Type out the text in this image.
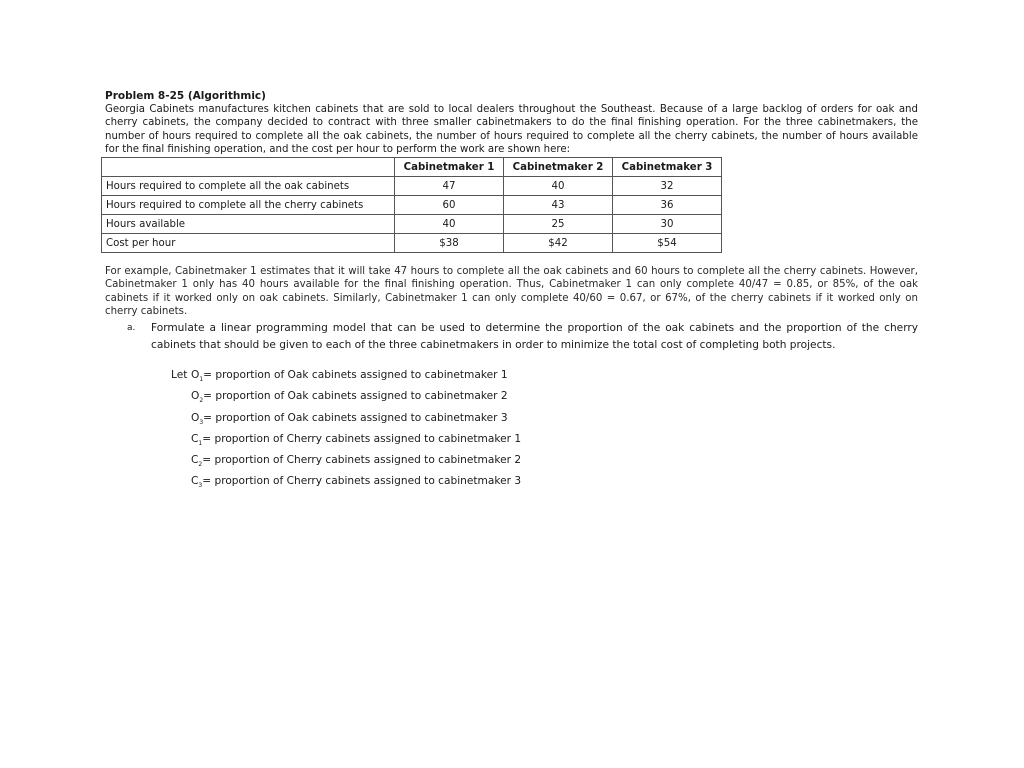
Problem 8-25 (Algorithmic)

Georgia Cabinets manufactures kitchen cabinets that are sold to local dealers throughout the Southeast. Because of a large backlog of orders for oak and cherry cabinets, the company decided to contract with three smaller cabinetmakers to do the final finishing operation. For the three cabinetmakers, the number of hours required to complete all the oak cabinets, the number of hours required to complete all the cherry cabinets, the number of hours available for the final finishing operation, and the cost per hour to perform the work are shown here:

	Cabinetmaker 1	Cabinetmaker 2	Cabinetmaker 3
Hours required to complete all the oak cabinets	47	40	32
Hours required to complete all the cherry cabinets	60	43	36
Hours available	40	25	30
Cost per hour	$38	$42	$54

For example, Cabinetmaker 1 estimates that it will take 47 hours to complete all the oak cabinets and 60 hours to complete all the cherry cabinets. However, Cabinetmaker 1 only has 40 hours available for the final finishing operation. Thus, Cabinetmaker 1 can only complete 40/47 = 0.85, or 85%, of the oak cabinets if it worked only on oak cabinets. Similarly, Cabinetmaker 1 can only complete 40/60 = 0.67, or 67%, of the cherry cabinets if it worked only on cherry cabinets.

a.	Formulate a linear programming model that can be used to determine the proportion of the oak cabinets and the proportion of the cherry cabinets that should be given to each of the three cabinetmakers in order to minimize the total cost of completing both projects.
Let $O_1$ = proportion of Oak cabinets assigned to cabinetmaker 1
$O_2$ = proportion of Oak cabinets assigned to cabinetmaker 2
$O_3$ = proportion of Oak cabinets assigned to cabinetmaker 3
$C_1$ = proportion of Cherry cabinets assigned to cabinetmaker 1
$C_2$ = proportion of Cherry cabinets assigned to cabinetmaker 2
$C_3$ = proportion of Cherry cabinets assigned to cabinetmaker 3
